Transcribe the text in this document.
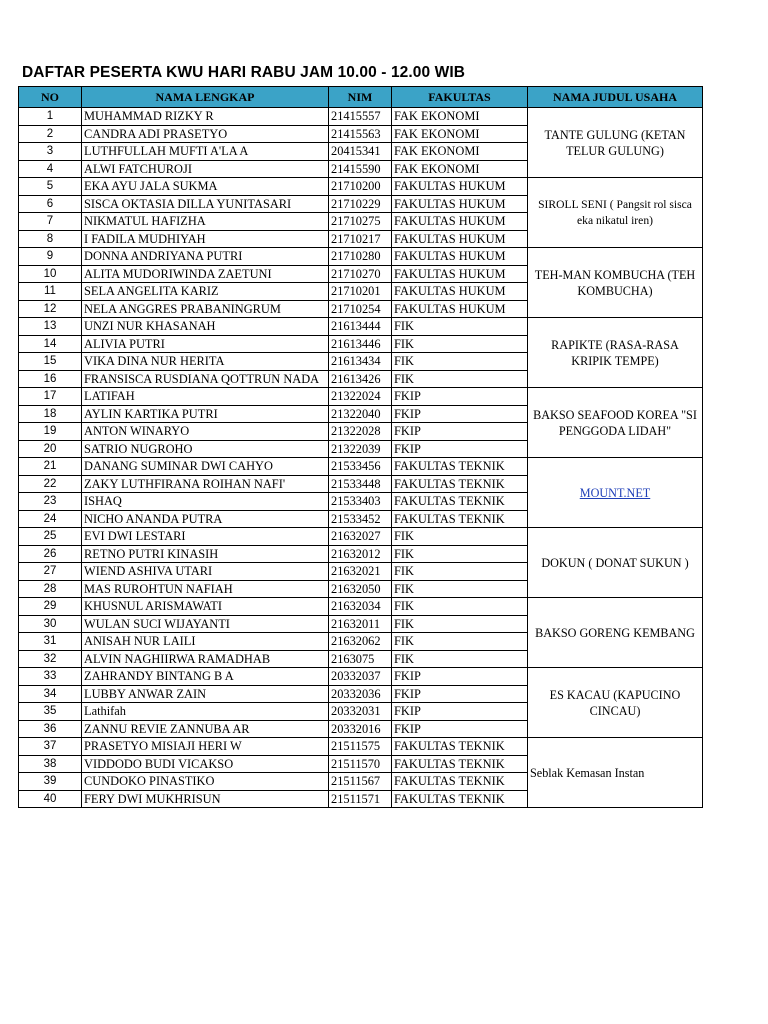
DAFTAR PESERTA KWU HARI RABU JAM 10.00 - 12.00 WIB
NO	NAMA LENGKAP	NIM	FAKULTAS	NAMA JUDUL USAHA
1	MUHAMMAD RIZKY R	21415557	FAK EKONOMI	TANTE GULUNG (KETAN TELUR GULUNG)
2	CANDRA ADI PRASETYO	21415563	FAK EKONOMI	
3	LUTHFULLAH MUFTI A'LA A	20415341	FAK EKONOMI	
4	ALWI FATCHUROJI	21415590	FAK EKONOMI	
5	EKA AYU JALA SUKMA	21710200	FAKULTAS HUKUM	SIROLL SENI ( Pangsit rol sisca eka nikatul iren)
6	SISCA OKTASIA DILLA YUNITASARI	21710229	FAKULTAS HUKUM	
7	NIKMATUL HAFIZHA	21710275	FAKULTAS HUKUM	
8	I FADILA MUDHIYAH	21710217	FAKULTAS HUKUM	
9	DONNA ANDRIYANA PUTRI	21710280	FAKULTAS HUKUM	TEH-MAN KOMBUCHA (TEH KOMBUCHA)
10	ALITA MUDORIWINDA ZAETUNI	21710270	FAKULTAS HUKUM	
11	SELA ANGELITA KARIZ	21710201	FAKULTAS HUKUM	
12	NELA ANGGRES PRABANINGRUM	21710254	FAKULTAS HUKUM	
13	UNZI NUR KHASANAH	21613444	FIK	RAPIKTE (RASA-RASA KRIPIK TEMPE)
14	ALIVIA PUTRI	21613446	FIK	
15	VIKA DINA NUR HERITA	21613434	FIK	
16	FRANSISCA RUSDIANA QOTTRUN NADA	21613426	FIK	
17	LATIFAH	21322024	FKIP	BAKSO SEAFOOD KOREA "SI PENGGODA LIDAH"
18	AYLIN KARTIKA PUTRI	21322040	FKIP	
19	ANTON WINARYO	21322028	FKIP	
20	SATRIO NUGROHO	21322039	FKIP	
21	DANANG SUMINAR DWI CAHYO	21533456	FAKULTAS TEKNIK	MOUNT.NET
22	ZAKY LUTHFIRANA ROIHAN NAFI'	21533448	FAKULTAS TEKNIK	
23	ISHAQ	21533403	FAKULTAS TEKNIK	
24	NICHO ANANDA PUTRA	21533452	FAKULTAS TEKNIK	
25	EVI DWI LESTARI	21632027	FIK	DOKUN ( DONAT SUKUN )
26	RETNO PUTRI KINASIH	21632012	FIK	
27	WIEND ASHIVA UTARI	21632021	FIK	
28	MAS RUROHTUN NAFIAH	21632050	FIK	
29	KHUSNUL ARISMAWATI	21632034	FIK	BAKSO GORENG KEMBANG
30	WULAN SUCI WIJAYANTI	21632011	FIK	
31	ANISAH NUR LAILI	21632062	FIK	
32	ALVIN NAGHIIRWA RAMADHAB	2163075	FIK	
33	ZAHRANDY BINTANG B A	20332037	FKIP	ES KACAU (KAPUCINO CINCAU)
34	LUBBY ANWAR ZAIN	20332036	FKIP	
35	Lathifah	20332031	FKIP	
36	ZANNU REVIE ZANNUBA AR	20332016	FKIP	
37	PRASETYO MISIAJI HERI W	21511575	FAKULTAS TEKNIK	Seblak Kemasan Instan
38	VIDDODO BUDI VICAKSO	21511570	FAKULTAS TEKNIK	
39	CUNDOKO PINASTIKO	21511567	FAKULTAS TEKNIK	
40	FERY DWI MUKHRISUN	21511571	FAKULTAS TEKNIK	
